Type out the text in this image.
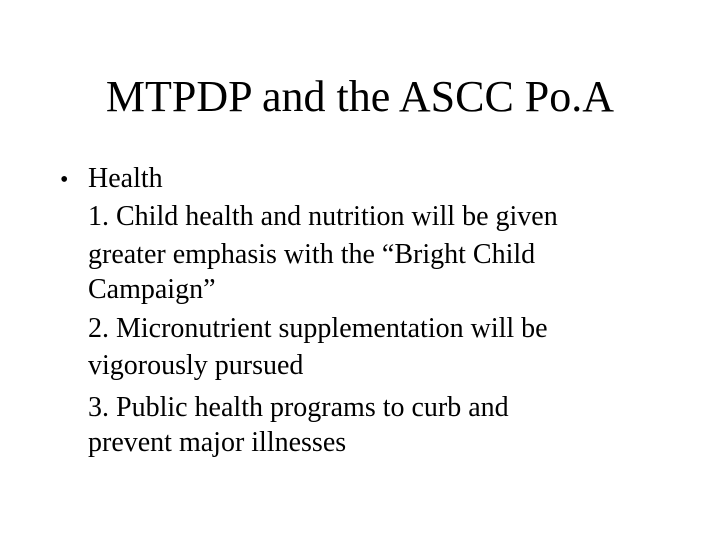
MTPDP and the ASCC Po.A
• Health
1. Child health and nutrition will be given
greater emphasis with the “Bright Child
Campaign”
2. Micronutrient supplementation will be
vigorously pursued
3. Public health programs to curb and
prevent major illnesses
